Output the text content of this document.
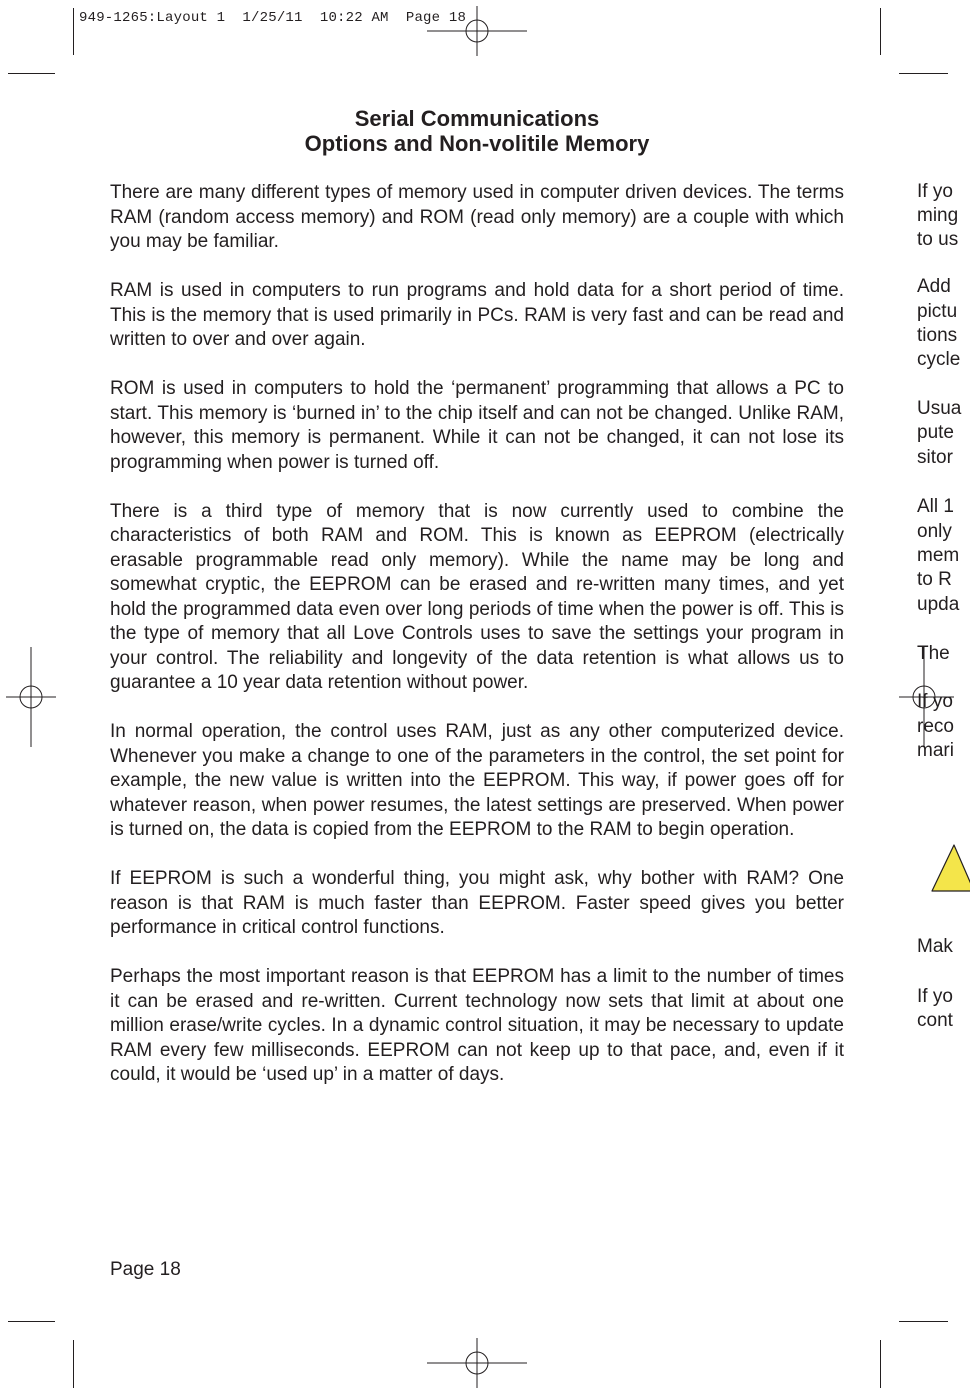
949-1265:Layout 1  1/25/11  10:22 AM  Page 18
Serial Communications
Options and Non-volitile Memory

There are many different types of memory used in computer driven devices. The terms RAM (random access memory) and ROM (read only memory) are a couple with which you may be familiar.

RAM is used in computers to run programs and hold data for a short period of time. This is the memory that is used primarily in PCs. RAM is very fast and can be read and written to over and over again.

ROM is used in computers to hold the ‘permanent’ programming that allows a PC to start. This memory is ‘burned in’ to the chip itself and can not be changed. Unlike RAM, however, this memory is permanent. While it can not be changed, it can not lose its programming when power is turned off.

There is a third type of memory that is now currently used to combine the characteristics of both RAM and ROM. This is known as EEPROM (electrically erasable programmable read only memory). While the name may be long and somewhat cryptic, the EEPROM can be erased and re-written many times, and yet hold the programmed data even over long periods of time when the power is off. This is the type of memory that all Love Controls uses to save the settings your program in your control. The reliability and longevity of the data retention is what allows us to guarantee a 10 year data retention without power.

In normal operation, the control uses RAM, just as any other computerized device. Whenever you make a change to one of the parameters in the control, the set point for example, the new value is written into the EEPROM. This way, if power goes off for whatever reason, when power resumes, the latest settings are preserved. When power is turned on, the data is copied from the EEPROM to the RAM to begin operation.

If EEPROM is such a wonderful thing, you might ask, why bother with RAM? One reason is that RAM is much faster than EEPROM. Faster speed gives you better performance in critical control functions.

Perhaps the most important reason is that EEPROM has a limit to the number of times it can be erased and re-written. Current technology now sets that limit at about one million erase/write cycles. In a dynamic control situation, it may be necessary to update RAM every few milliseconds. EEPROM can not keep up to that pace, and, even if it could, it would be ‘used up’ in a matter of days.

Page 18
If yo
ming
to us
Add
pictu
tions
cycle
Usua
pute
sitor
All 1
only
mem
to R
upda
The
If yo
reco
mari
Mak
If yo
cont
